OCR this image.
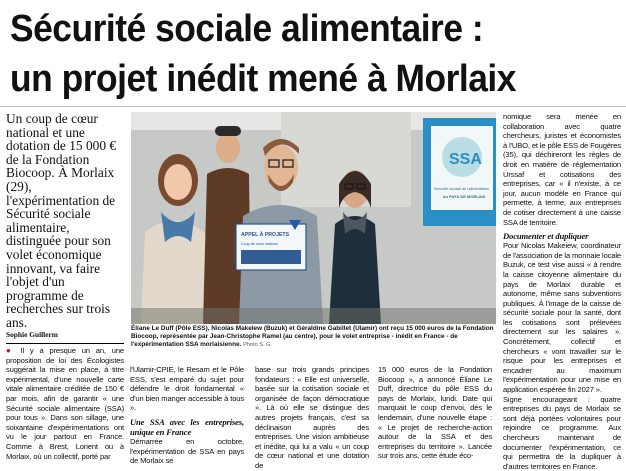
Sécurité sociale alimentaire :
un projet inédit mené à Morlaix

Un coup de cœur national et une dotation de 15 000 € de la Fondation Biocoop. À Morlaix (29), l'expérimentation de Sécurité sociale alimentaire, distinguée pour son volet économique innovant, va faire l'objet d'un programme de recherches sur trois ans.

Sophie Guillerm

● Il y a presque un an, une proposition de loi des Écologistes suggérait la mise en place, à titre expérimental, d'une nouvelle carte vitale alimentaire créditée de 150 € par mois, afin de garantir « une Sécurité sociale alimentaire (SSA) pour tous ». Dans son sillage, une soixantaine d'expérimentations ont vu le jour partout en France. Comme à Brest, Lorient ou à Morlaix, où un collectif, porté par

SSA
Sécurité sociale de l'alimentation
du PAYS DE MORLAIX
APPEL À PROJETS
Coup de cœur national

Éliane Le Duff (Pôle ESS), Nicolas Makelew (Buzuk) et Géraldine Gabillet (Ulamir) ont reçu 15 000 euros de la Fondation Biocoop, représentée par Jean-Christophe Ramel (au centre), pour le volet entreprise - inédit en France - de l'expérimentation SSA morlaisienne. Photo S. G.

l'Ulamir-CPIE, le Resam et le Pôle ESS, s'est emparé du sujet pour défendre le droit fondamental « d'un bien manger accessible à tous ».

Une SSA avec les entreprises, unique en France

Démarrée en octobre, l'expérimentation de SSA en pays de Morlaix se

base sur trois grands principes fondateurs : « Elle est universelle, basée sur la cotisation sociale et organisée de façon démocratique ». Là où elle se distingue des autres projets français, c'est sa déclinaison auprès des entreprises. Une vision ambitieuse et inédite, qui lui a valu « un coup de cœur national et une dotation de

15 000 euros de la Fondation Biocoop », a annoncé Éliane Le Duff, directrice du pôle ESS du pays de Morlaix, lundi. Date qui marquait le coup d'envoi, dès le lendemain, d'une nouvelle étape : « Le projet de recherche-action autour de la SSA et des entreprises du territoire ». Lancée sur trois ans, cette étude éco-

nomique sera menée en collaboration avec quatre chercheurs, juristes et économistes à l'UBO, et le pôle ESS de Fougères (35), qui déchireront les règles de droit en matière de réglementation Urssaf et cotisations des entreprises, car « il n'existe, à ce jour, aucun modèle en France qui permette, à terme, aux entreprises de cotiser directement à une caisse SSA de territoire.

Documenter et dupliquer

Pour Nicolas Makeiew, coordinateur de l'association de la monnaie locale Buzuk, ce test vise aussi « à rendre la caisse citoyenne alimentaire du pays de Morlaix durable et autonome, même sans subventions publiques. À l'image de la caisse de sécurité sociale pour la santé, dont les cotisations sont prélevées directement sur les salaires ». Concrètement, collectif et chercheurs « vont travailler sur le risque pour les entreprises et encadrer au maximum l'expérimentation pour une mise en application espérée fin 2027 ».

Signe encourageant : quatre entreprises du pays de Morlaix se sont déjà portées volontaires pour rejoindre ce programme. Aux chercheurs maintenant de documenter l'expérimentation, ce qui permettra de la dupliquer à d'autres territoires en France.
